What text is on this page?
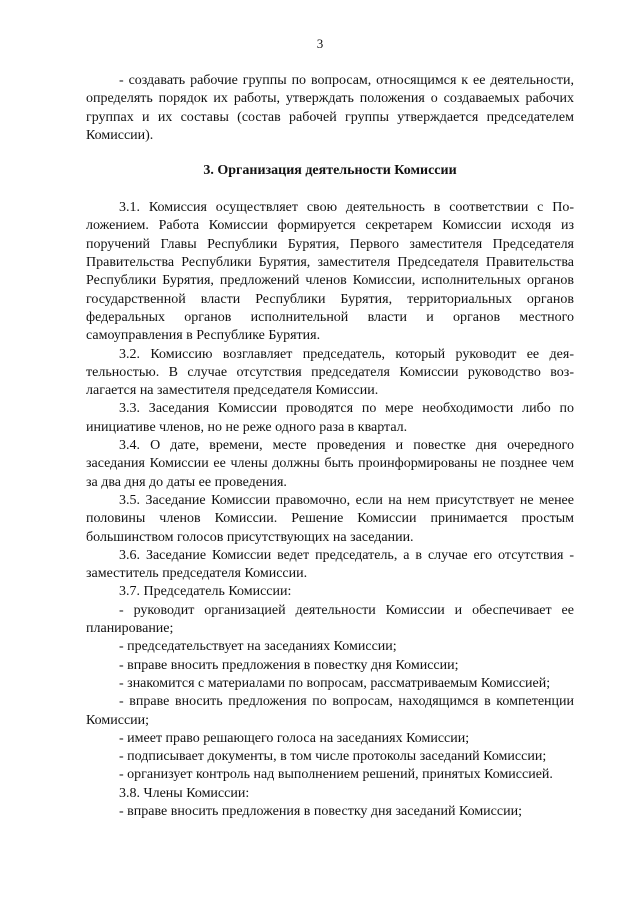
3

- создавать рабочие группы по вопросам, относящимся к ее деятельности, определять порядок их работы, утверждать положения о создаваемых рабочих группах и их составы (состав рабочей группы утверждается председателем Комиссии).

3. Организация деятельности Комиссии

3.1. Комиссия осуществляет свою деятельность в соответствии с Положением. Работа Комиссии формируется секретарем Комиссии исходя из поручений Главы Республики Бурятия, Первого заместителя Председателя Правительства Республики Бурятия, заместителя Председателя Правительства Республики Бурятия, предложений членов Комиссии, исполнительных органов государственной власти Республики Бурятия, территориальных органов федеральных органов исполнительной власти и органов местного самоуправления в Республике Бурятия.

3.2. Комиссию возглавляет председатель, который руководит ее деятельностью. В случае отсутствия председателя Комиссии руководство возлагается на заместителя председателя Комиссии.

3.3. Заседания Комиссии проводятся по мере необходимости либо по инициативе членов, но не реже одного раза в квартал.

3.4. О дате, времени, месте проведения и повестке дня очередного заседания Комиссии ее члены должны быть проинформированы не позднее чем за два дня до даты ее проведения.

3.5. Заседание Комиссии правомочно, если на нем присутствует не менее половины членов Комиссии. Решение Комиссии принимается простым большинством голосов присутствующих на заседании.

3.6. Заседание Комиссии ведет председатель, а в случае его отсутствия - заместитель председателя Комиссии.

3.7. Председатель Комиссии:

- руководит организацией деятельности Комиссии и обеспечивает ее планирование;

- председательствует на заседаниях Комиссии;

- вправе вносить предложения в повестку дня Комиссии;

- знакомится с материалами по вопросам, рассматриваемым Комиссией;

- вправе вносить предложения по вопросам, находящимся в компетенции Комиссии;

- имеет право решающего голоса на заседаниях Комиссии;

- подписывает документы, в том числе протоколы заседаний Комиссии;

- организует контроль над выполнением решений, принятых Комиссией.

3.8. Члены Комиссии:

- вправе вносить предложения в повестку дня заседаний Комиссии;
